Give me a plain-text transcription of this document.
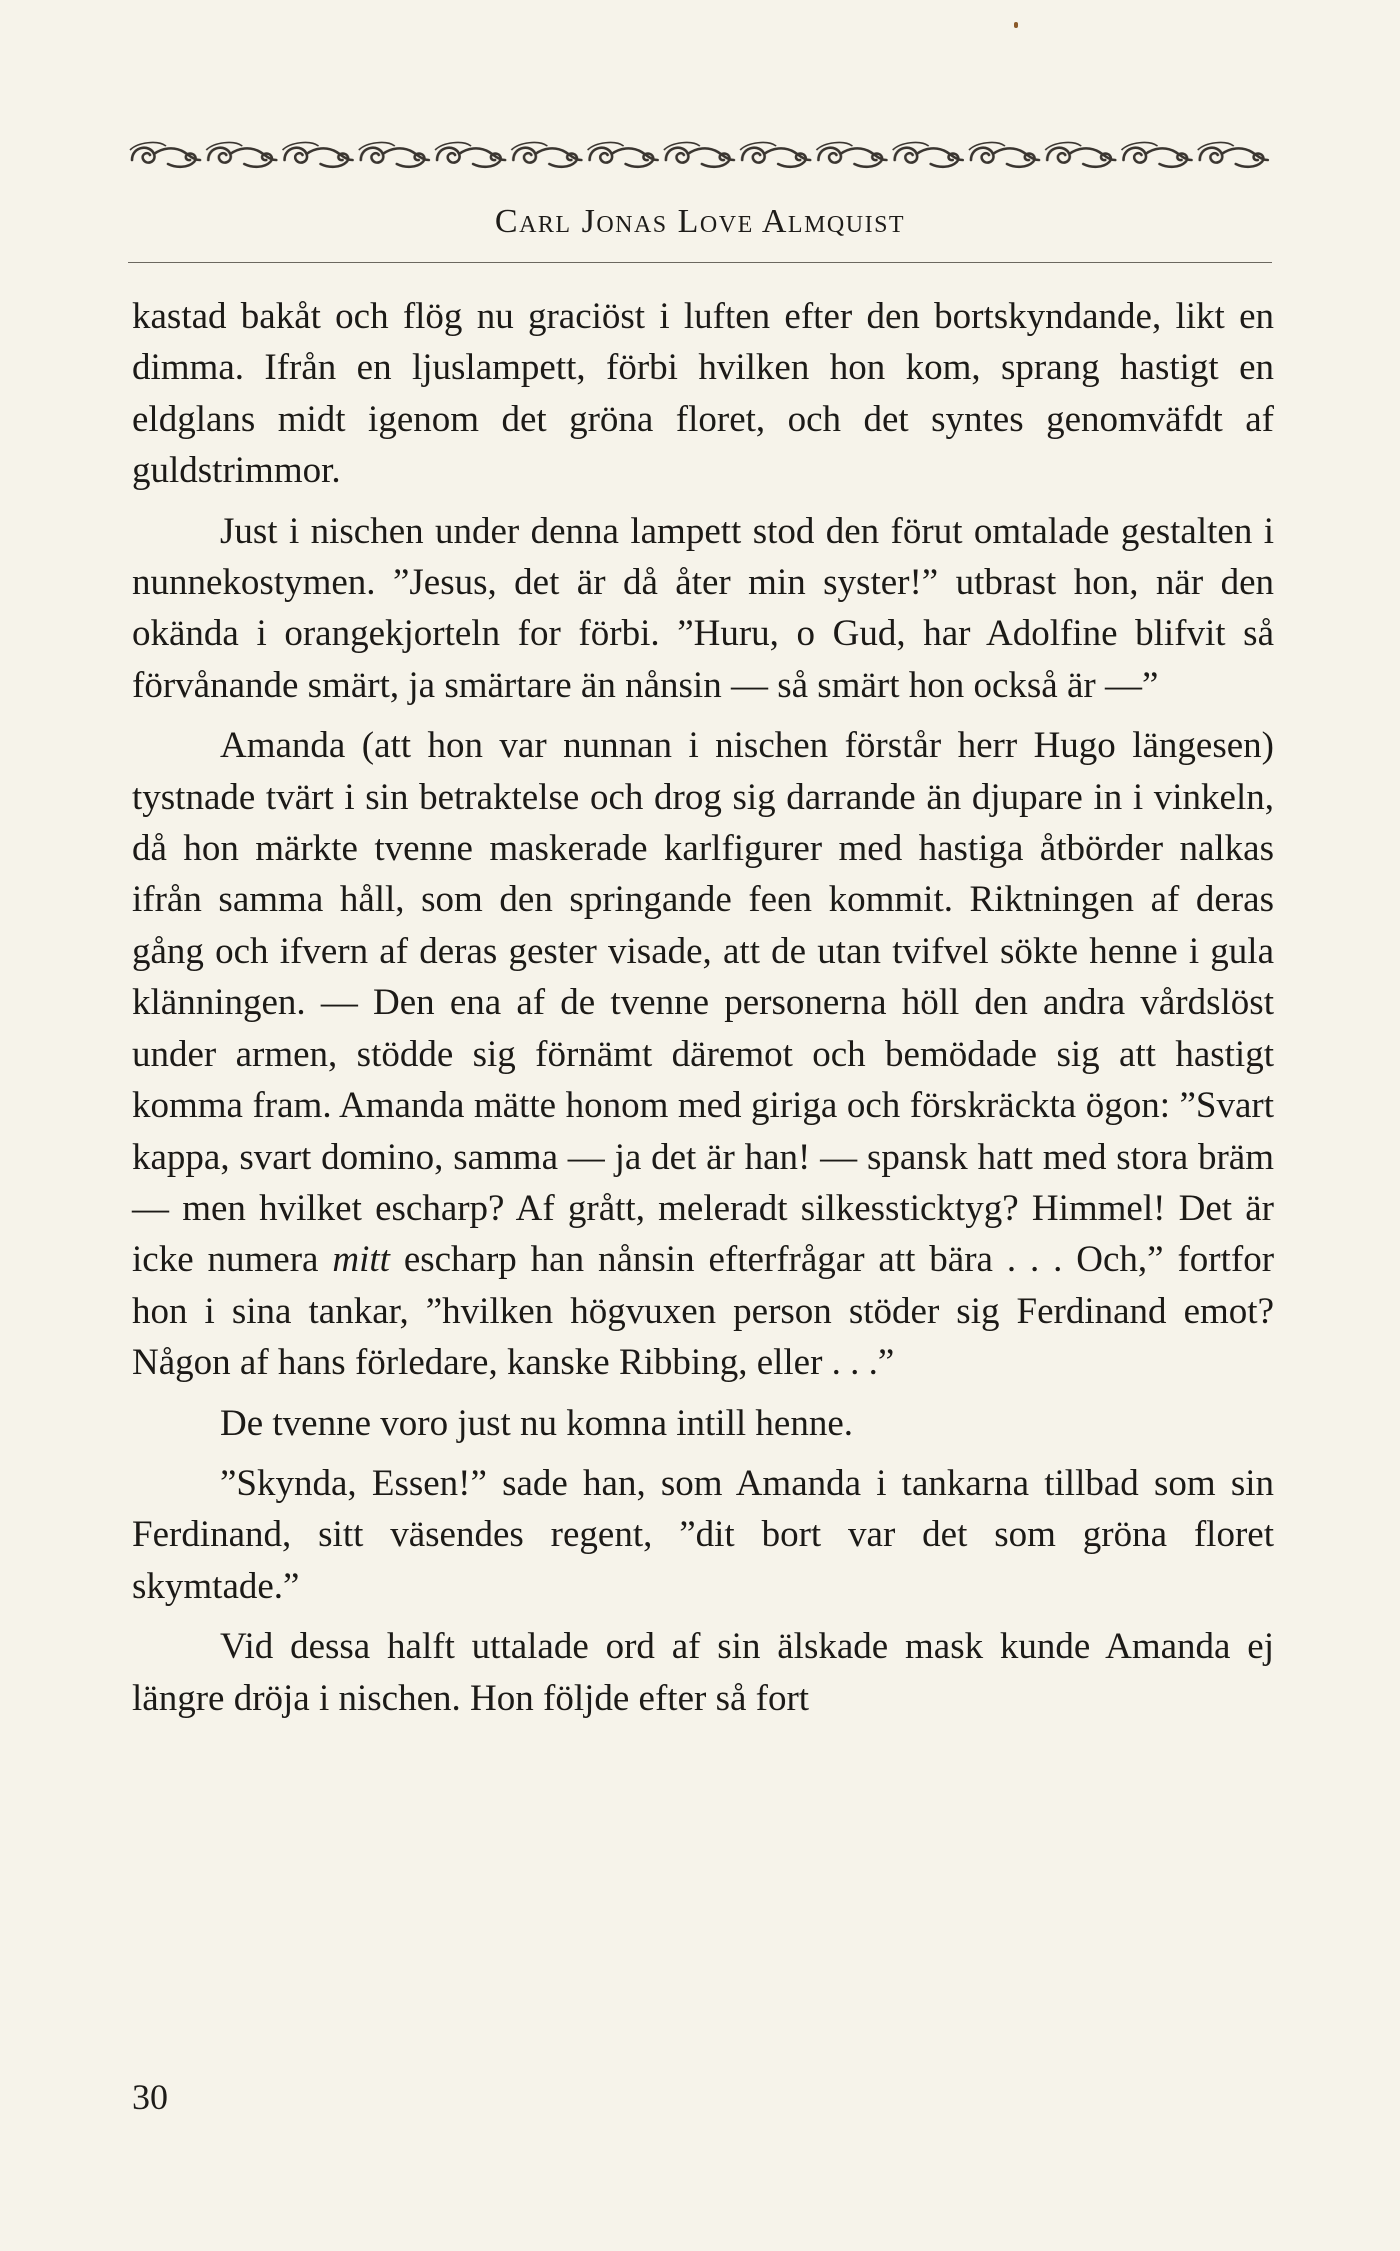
Carl Jonas Love Almquist

kastad bakåt och flög nu graciöst i luften efter den bortskyndande, likt en dimma. Ifrån en ljuslampett, förbi hvilken hon kom, sprang hastigt en eldglans midt igenom det gröna floret, och det syntes genomväfdt af guldstrimmor.

Just i nischen under denna lampett stod den förut omtalade gestalten i nunnekostymen. ”Jesus, det är då åter min syster!” utbrast hon, när den okända i orangekjorteln for förbi. ”Huru, o Gud, har Adolfine blifvit så förvånande smärt, ja smärtare än nånsin — så smärt hon också är —”

Amanda (att hon var nunnan i nischen förstår herr Hugo längesen) tystnade tvärt i sin betraktelse och drog sig darrande än djupare in i vinkeln, då hon märkte tvenne maskerade karlfigurer med hastiga åtbörder nalkas ifrån samma håll, som den springande feen kommit. Riktningen af deras gång och ifvern af deras gester visade, att de utan tvifvel sökte henne i gula klänningen. — Den ena af de tvenne personerna höll den andra vårdslöst under armen, stödde sig förnämt däremot och bemödade sig att hastigt komma fram. Amanda mätte honom med giriga och förskräckta ögon: ”Svart kappa, svart domino, samma — ja det är han! — spansk hatt med stora bräm — men hvilket escharp? Af grått, meleradt silkessticktyg? Himmel! Det är icke numera mitt escharp han nånsin efterfrågar att bära . . . Och,” fortfor hon i sina tankar, ”hvilken högvuxen person stöder sig Ferdinand emot? Någon af hans förledare, kanske Ribbing, eller . . .”

De tvenne voro just nu komna intill henne.

”Skynda, Essen!” sade han, som Amanda i tankarna tillbad som sin Ferdinand, sitt väsendes regent, ”dit bort var det som gröna floret skymtade.”

Vid dessa halft uttalade ord af sin älskade mask kunde Amanda ej längre dröja i nischen. Hon följde efter så fort

30
